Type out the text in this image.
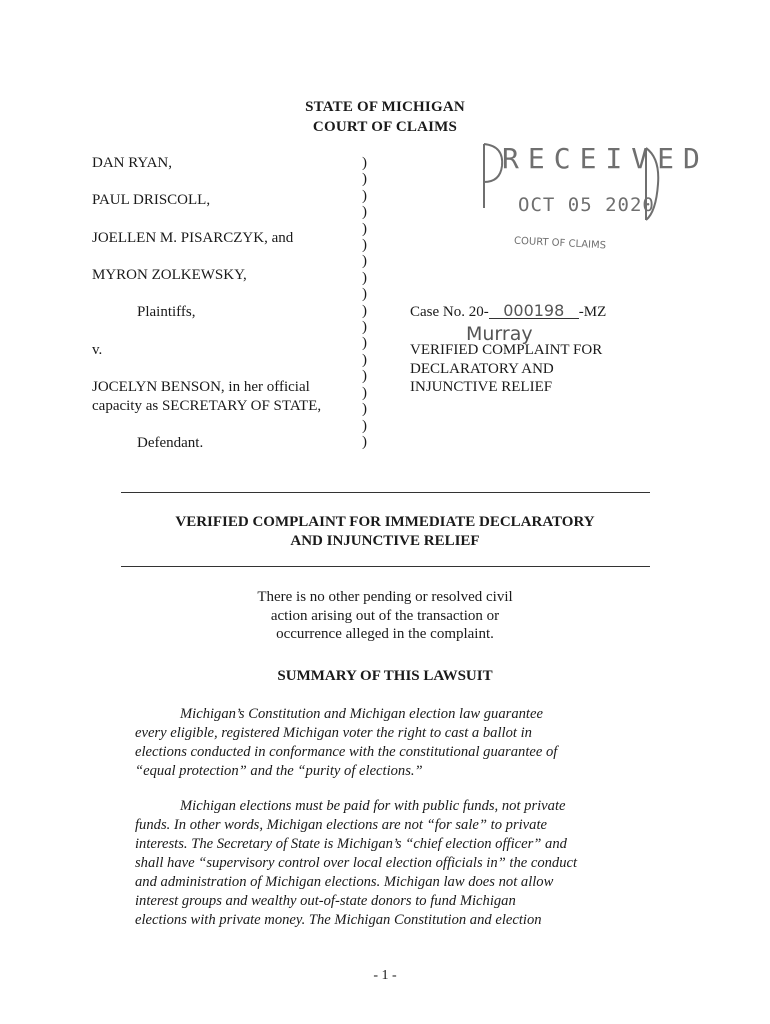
STATE OF MICHIGAN
COURT OF CLAIMS
DAN RYAN,
PAUL DRISCOLL,
JOELLEN M. PISARCZYK, and
MYRON ZOLKEWSKY,
Plaintiffs,
v.
JOCELYN BENSON, in her official
capacity as SECRETARY OF STATE,
Defendant.
)
)
)
)
)
)
)
)
)
)
)
)
)
)
)
)
)
)
RECEIVED
OCT 05 2020
COURT OF CLAIMS
Case No. 20- 000198 -MZ
Murray
VERIFIED COMPLAINT FOR
DECLARATORY AND
INJUNCTIVE RELIEF
VERIFIED COMPLAINT FOR IMMEDIATE DECLARATORY
AND INJUNCTIVE RELIEF
There is no other pending or resolved civil
action arising out of the transaction or
occurrence alleged in the complaint.
SUMMARY OF THIS LAWSUIT
Michigan’s Constitution and Michigan election law guarantee
every eligible, registered Michigan voter the right to cast a ballot in
elections conducted in conformance with the constitutional guarantee of
“equal protection” and the “purity of elections.”
Michigan elections must be paid for with public funds, not private
funds. In other words, Michigan elections are not “for sale” to private
interests. The Secretary of State is Michigan’s “chief election officer” and
shall have “supervisory control over local election officials in” the conduct
and administration of Michigan elections. Michigan law does not allow
interest groups and wealthy out-of-state donors to fund Michigan
elections with private money. The Michigan Constitution and election
- 1 -
